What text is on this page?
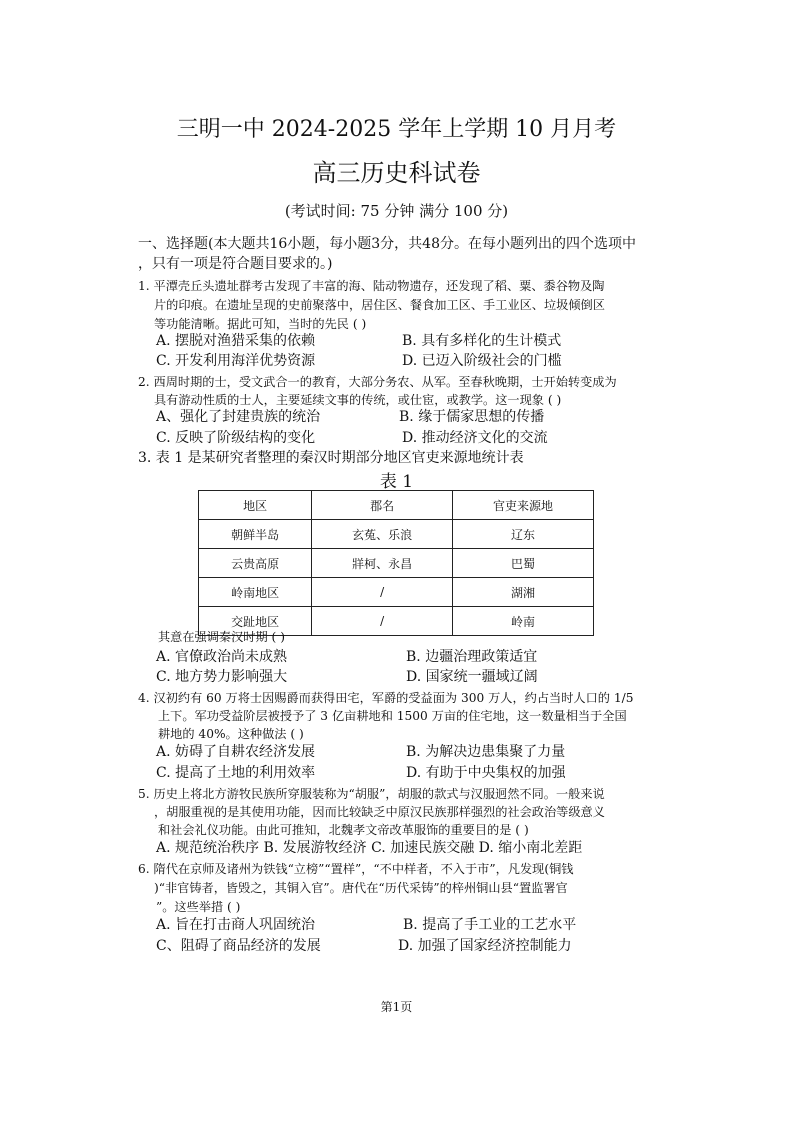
三明一中 2024-2025 学年上学期 10 月月考
高三历史科试卷
(考试时间: 75 分钟 满分 100 分)
一、选择题(本大题共16小题，每小题3分，共48分。在每小题列出的四个选项中
，只有一项是符合题目要求的。)
1. 平潭壳丘头遗址群考古发现了丰富的海、陆动物遗存，还发现了稻、粟、黍谷物及陶
片的印痕。在遗址呈现的史前聚落中，居住区、餐食加工区、手工业区、垃圾倾倒区
等功能清晰。据此可知，当时的先民 ( )
A. 摆脱对渔猎采集的依赖	B. 具有多样化的生计模式
C. 开发利用海洋优势资源	D. 已迈入阶级社会的门槛
2. 西周时期的士，受文武合一的教育，大部分务农、从军。至春秋晚期，士开始转变成为
具有游动性质的士人，主要延续文事的传统，或仕宦，或教学。这一现象 ( )
A、强化了封建贵族的统治	B. 缘于儒家思想的传播
C. 反映了阶级结构的变化	D. 推动经济文化的交流
3. 表 1 是某研究者整理的秦汉时期部分地区官吏来源地统计表
表 1
地区	郡名	官吏来源地
朝鲜半岛	玄菟、乐浪	辽东
云贵高原	牂柯、永昌	巴蜀
岭南地区	/	湖湘
交趾地区	/	岭南
其意在强调秦汉时期 ( )
A. 官僚政治尚未成熟	B. 边疆治理政策适宜
C. 地方势力影响强大	D. 国家统一疆域辽阔
4. 汉初约有 60 万将士因赐爵而获得田宅，军爵的受益面为 300 万人，约占当时人口的 1/5
上下。军功受益阶层被授予了 3 亿亩耕地和 1500 万亩的住宅地，这一数量相当于全国
耕地的 40%。这种做法 ( )
A. 妨碍了自耕农经济发展	B. 为解决边患集聚了力量
C. 提高了土地的利用效率	D. 有助于中央集权的加强
5. 历史上将北方游牧民族所穿服装称为“胡服”，胡服的款式与汉服迥然不同。一般来说
，胡服重视的是其使用功能，因而比较缺乏中原汉民族那样强烈的社会政治等级意义
和社会礼仪功能。由此可推知，北魏孝文帝改革服饰的重要目的是 ( )
A. 规范统治秩序 B. 发展游牧经济 C. 加速民族交融 D. 缩小南北差距
6. 隋代在京师及诸州为铁钱“立榜”“置样”，“不中样者，不入于市”，凡发现(铜钱
)“非官铸者，皆毁之，其铜入官”。唐代在“历代采铸”的梓州铜山县“置监署官
”。这些举措 ( )
A. 旨在打击商人巩固统治	B. 提高了手工业的工艺水平
C、阻碍了商品经济的发展	D. 加强了国家经济控制能力
第1页
